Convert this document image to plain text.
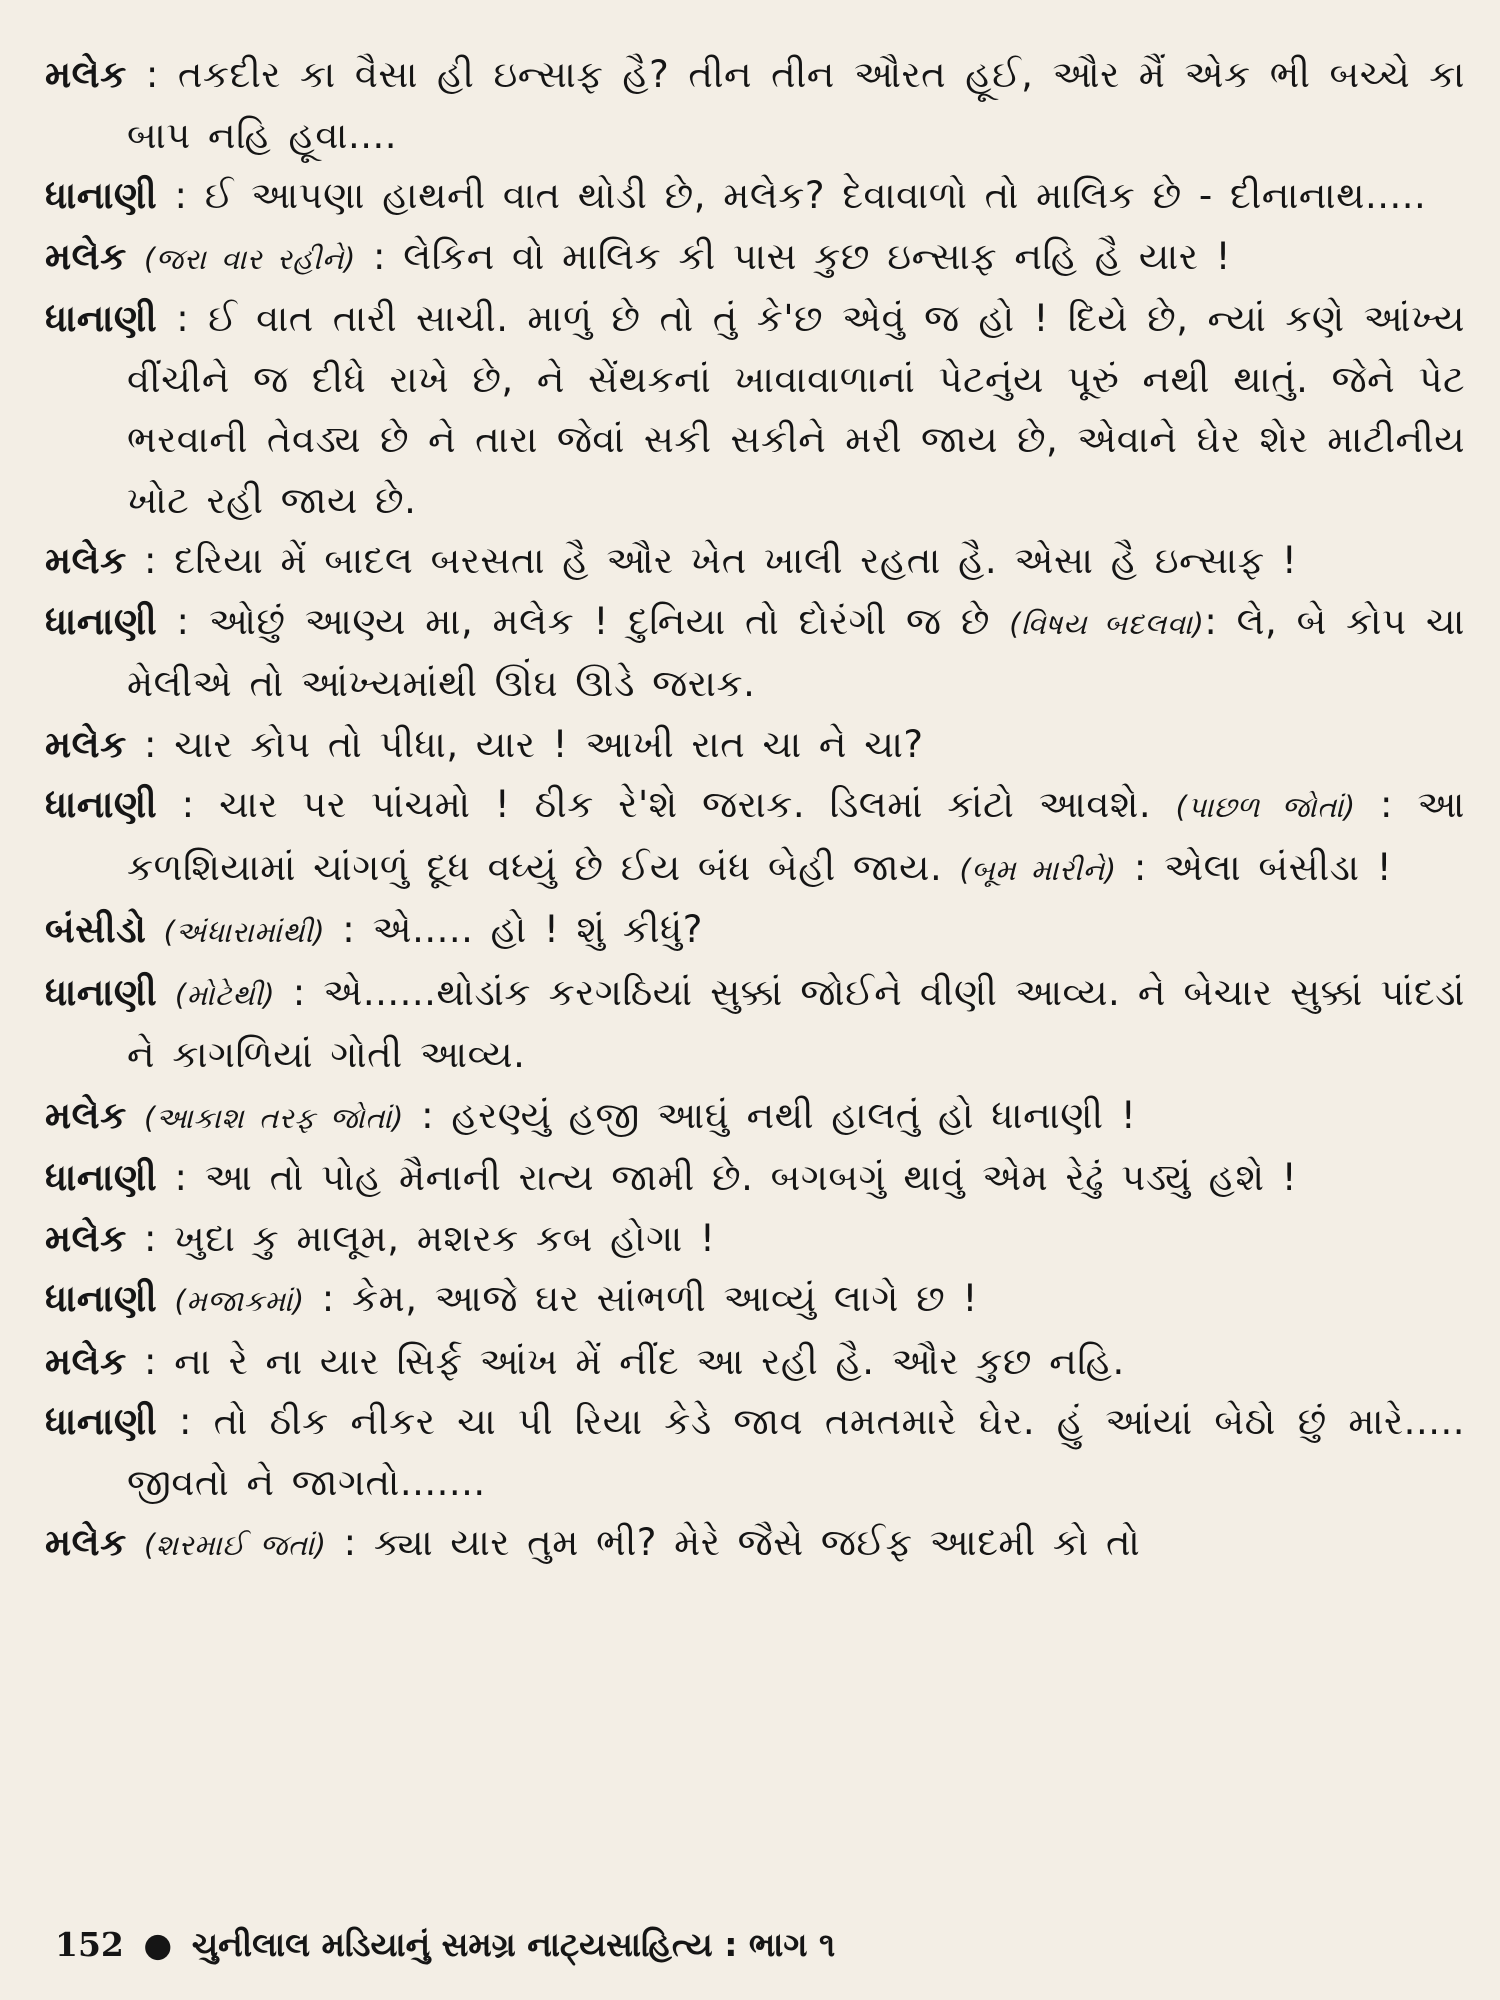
મલેક : તકદીર કા વૈસા હી ઇન્સાફ હૈ? તીન તીન ઔરત હૂઈ, ઔર મૈં એક ભી બચ્ચે કા બાપ નહિ હૂવા....

ધાનાણી : ઈ આપણા હાથની વાત થોડી છે, મલેક? દેવાવાળો તો માલિક છે - દીનાનાથ.....

મલેક (જરા વાર રહીને) : લેકિન વો માલિક કી પાસ કુછ ઇન્સાફ નહિ હૈ યાર !

ધાનાણી : ઈ વાત તારી સાચી. માળું છે તો તું કે'છ એવું જ હો ! દિયે છે, ન્યાં કણે આંખ્ય વીંચીને જ દીધે રાખે છે, ને સેંથકનાં ખાવાવાળાનાં પેટનુંય પૂરું નથી થાતું. જેને પેટ ભરવાની તેવડ્ય છે ને તારા જેવાં સકી સકીને મરી જાય છે, એવાને ઘેર શેર માટીનીય ખોટ રહી જાય છે.

મલેક : દરિયા મેં બાદલ બરસતા હૈ ઔર ખેત ખાલી રહતા હૈ. એસા હૈ ઇન્સાફ !

ધાનાણી : ઓછું આણ્ય મા, મલેક ! દુનિયા તો દોરંગી જ છે (વિષય બદલવા): લે, બે કોપ ચા મેલીએ તો આંખ્યમાંથી ઊંઘ ઊડે જરાક.

મલેક : ચાર કોપ તો પીધા, યાર ! આખી રાત ચા ને ચા?

ધાનાણી : ચાર પર પાંચમો ! ઠીક રે'શે જરાક. ડિલમાં કાંટો આવશે. (પાછળ જોતાં) : આ કળશિયામાં ચાંગળું દૂધ વધ્યું છે ઈય બંધ બેહી જાય. (બૂમ મારીને) : એલા બંસીડા !

બંસીડો (અંધારામાંથી) : એ..... હો ! શું કીધું?

ધાનાણી (મોટેથી) : એ......થોડાંક કરગઠિયાં સુક્કાં જોઈને વીણી આવ્ય. ને બેચાર સુક્કાં પાંદડાં ને કાગળિયાં ગોતી આવ્ય.

મલેક (આકાશ તરફ જોતાં) : હરણ્યું હજી આઘું નથી હાલતું હો ધાનાણી !

ધાનાણી : આ તો પોહ મૈનાની રાત્ય જામી છે. બગબગું થાવું એમ રેઢું પડ્યું હશે !

મલેક : ખુદા કુ માલૂમ, મશરક કબ હોગા !

ધાનાણી (મજાકમાં) : કેમ, આજે ઘર સાંભળી આવ્યું લાગે છ !

મલેક : ના રે ના યાર સિર્ફ આંખ મેં નીંદ આ રહી હૈ. ઔર કુછ નહિ.

ધાનાણી : તો ઠીક નીકર ચા પી રિયા કેડે જાવ તમતમારે ઘેર. હું આંયાં બેઠો છું મારે..... જીવતો ને જાગતો.......

મલેક (શરમાઈ જતાં) : ક્યા યાર તુમ ભી? મેરે જૈસે જઈફ આદમી કો તો

152 ● ચુનીલાલ મડિયાનું સમગ્ર નાટ્યસાહિત્ય : ભાગ ૧
